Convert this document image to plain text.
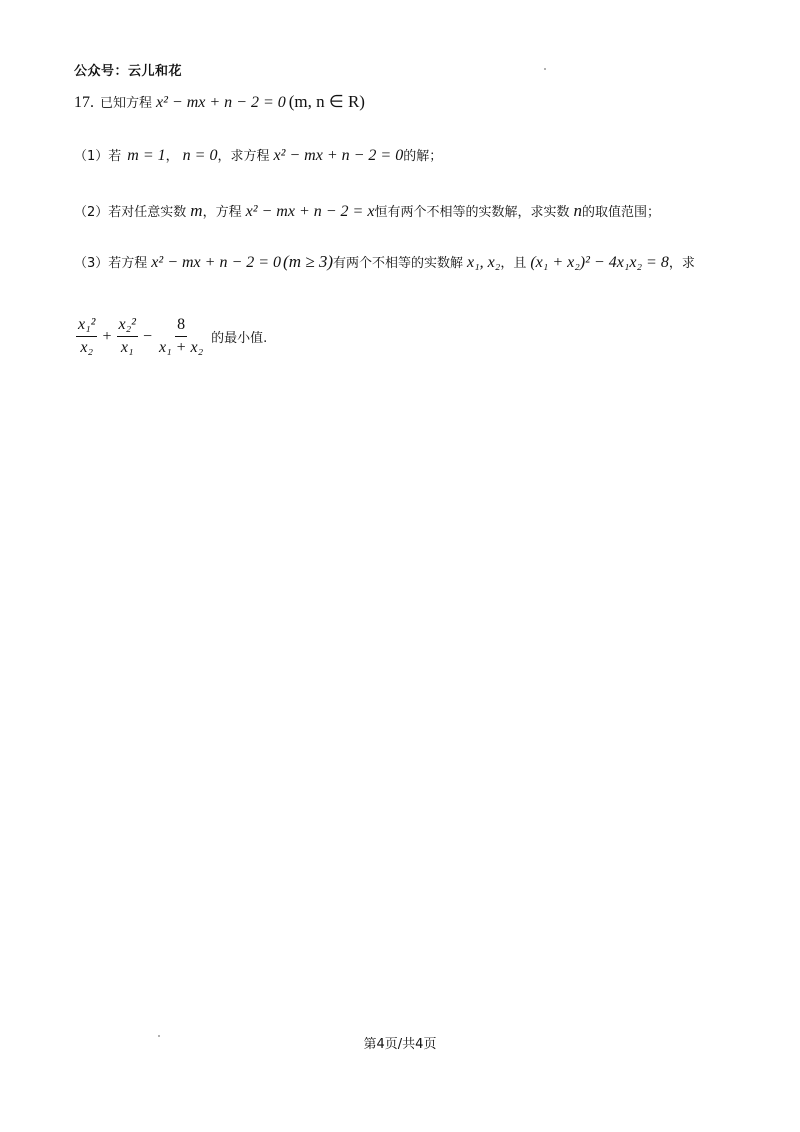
公众号：云儿和花
17. 已知方程 x² − mx + n − 2 = 0 (m, n ∈ R)
（1） 若 m = 1 ， n = 0 ，求方程 x² − mx + n − 2 = 0 的解；
（2） 若对任意实数 m ，方程 x² − mx + n − 2 = x 恒有两个不相等的实数解，求实数 n 的取值范围；
（3） 若方程 x² − mx + n − 2 = 0 (m ≥ 3) 有两个不相等的实数解 x₁, x₂ ，且 (x₁ + x₂)² − 4x₁x₂ = 8 ，求
$\frac{\text{x₁²}}{\text{x₂}} + \frac{\text{x₂²}}{\text{x₁}} - \frac{8}{\text{x₁ + x₂}}$ 的最小值.
第4页/共4页
